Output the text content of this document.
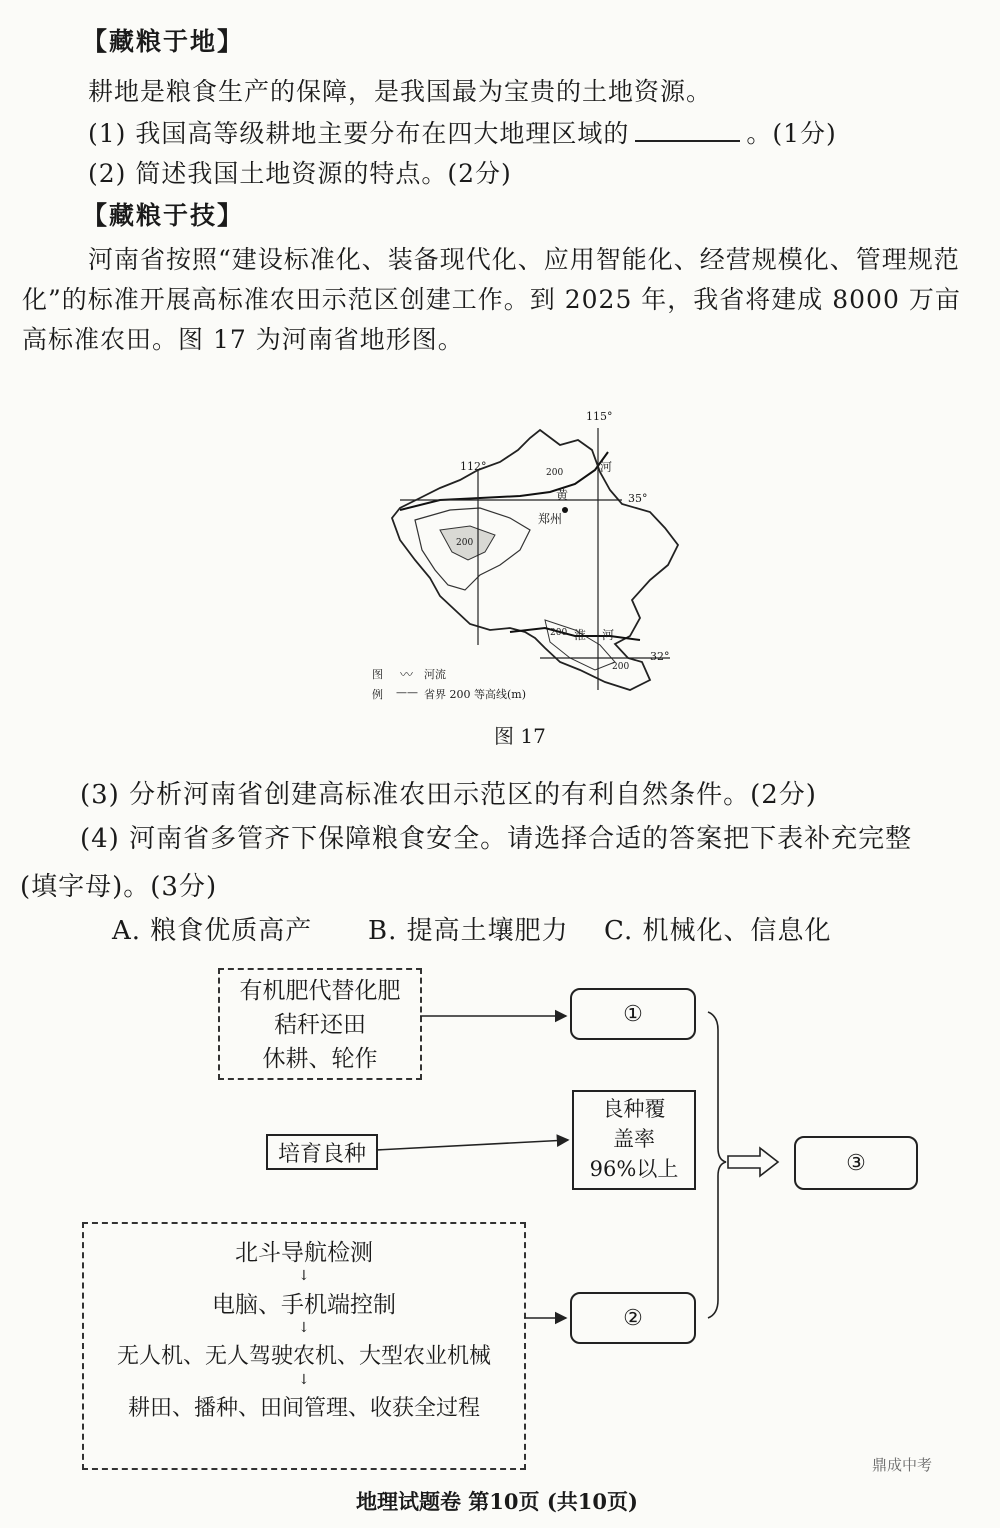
【藏粮于地】
耕地是粮食生产的保障，是我国最为宝贵的土地资源。
(1) 我国高等级耕地主要分布在四大地理区域的	。(1分)
(2) 简述我国土地资源的特点。(2分)
【藏粮于技】
河南省按照“建设标准化、装备现代化、应用智能化、经营规模化、管理规范
化”的标准开展高标准农田示范区创建工作。到 2025 年，我省将建成 8000 万亩
高标准农田。图 17 为河南省地形图。
112°
115°
35°
32°
郑州
黄
河
淮 河
200
200
200
200
图
例
〰 河流
—— 省界 200 等高线(m)
图 17
(3) 分析河南省创建高标准农田示范区的有利自然条件。(2分)
(4) 河南省多管齐下保障粮食安全。请选择合适的答案把下表补充完整
(填字母)。(3分)
A. 粮食优质高产 B. 提高土壤肥力 C. 机械化、信息化
有机肥代替化肥
秸秆还田
休耕、轮作
培育良种
北斗导航检测
电脑、手机端控制
无人机、无人驾驶农机、大型农业机械
耕田、播种、田间管理、收获全过程
↓
↓
↓
①
良种覆
盖率
96%以上
②
③
地理试题卷 第10页 (共10页)
鼎成中考
